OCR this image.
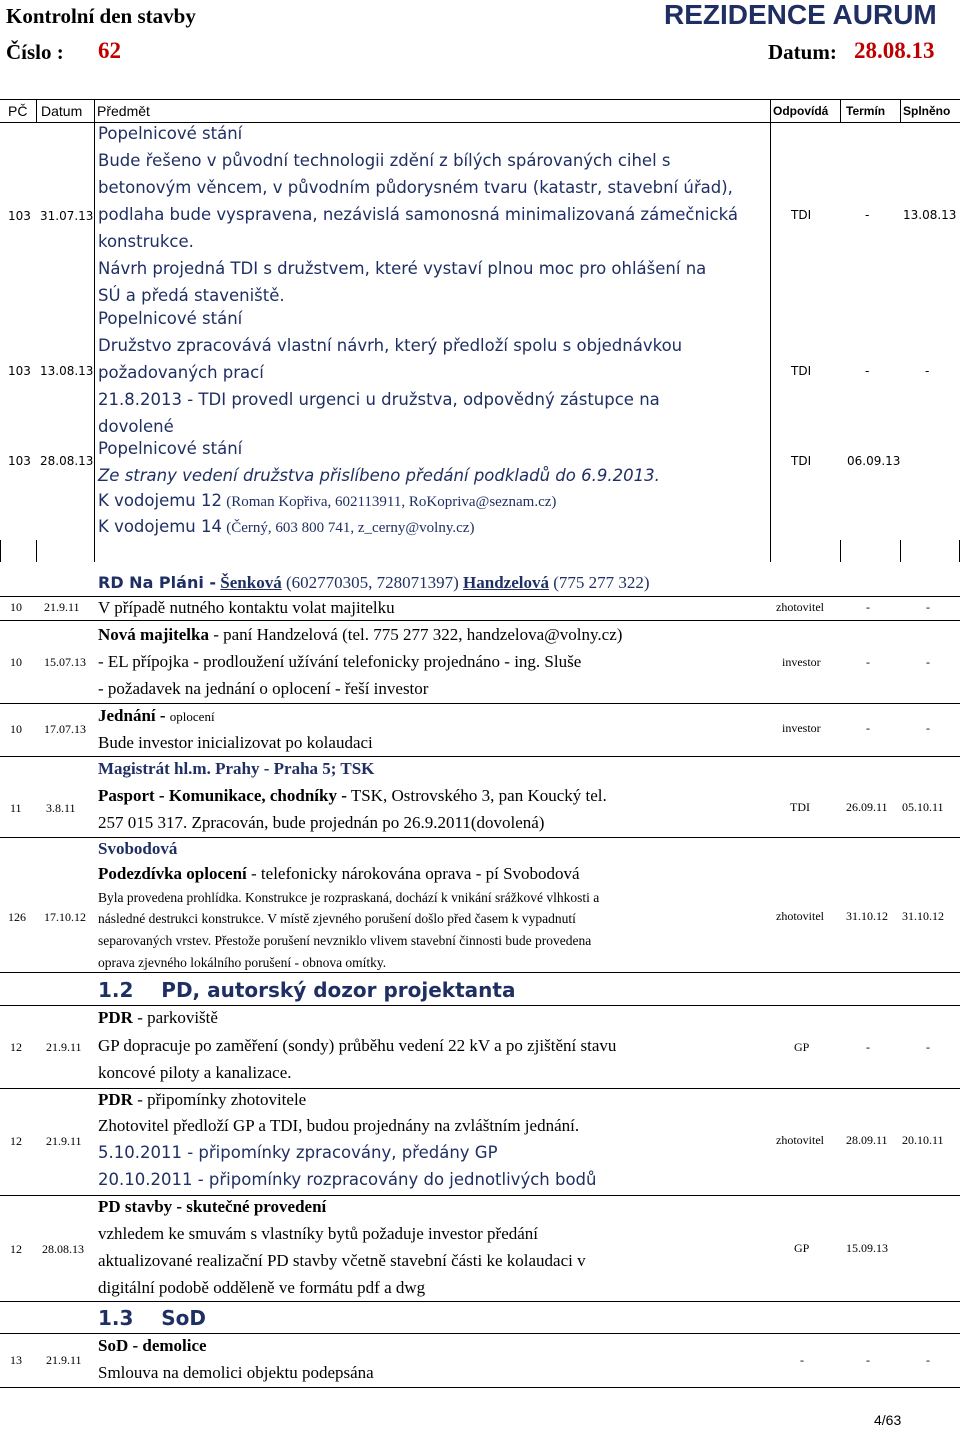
Kontrolní den stavby	REZIDENCE AURUM
Číslo : 62	Datum: 28.08.13
PČ Datum Předmět	Odpovídá Termín Splněno
103 31.07.13
Popelnicové stání
Bude řešeno v původní technologii zdění z bílých spárovaných cihel s
betonovým věncem, v původním půdorysném tvaru (katastr, stavební úřad),
podlaha bude vyspravena, nezávislá samonosná minimalizovaná zámečnická
konstrukce.
Návrh projedná TDI s družstvem, které vystaví plnou moc pro ohlášení na
SÚ a předá staveniště.
TDI	-	13.08.13
103 13.08.13
Popelnicové stání
Družstvo zpracovává vlastní návrh, který předloží spolu s objednávkou
požadovaných prací
21.8.2013 - TDI provedl urgenci u družstva, odpovědný zástupce na
dovolené
TDI	-	-
103 28.08.13
Popelnicové stání
Ze strany vedení družstva přislíbeno předání podkladů do 6.9.2013.
TDI	06.09.13
K vodojemu 12 (Roman Kopřiva, 602113911, RoKopriva@seznam.cz)
K vodojemu 14 (Černý, 603 800 741, z_cerny@volny.cz)
RD Na Pláni - Šenková (602770305, 728071397) Handzelová (775 277 322)
10 21.9.11 V případě nutného kontaktu volat majitelku	zhotovitel	-	-
10 15.07.13
Nová majitelka - paní Handzelová (tel. 775 277 322, handzelova@volny.cz)
- EL přípojka - prodloužení užívání telefonicky projednáno - ing. Sluše
- požadavek na jednání o oplocení - řeší investor
investor	-	-
10 17.07.13
Jednání - oplocení
Bude investor inicializovat po kolaudaci
investor	-	-
11 3.8.11
Magistrát hl.m. Prahy - Praha 5; TSK
Pasport - Komunikace, chodníky - TSK, Ostrovského 3, pan Koucký tel.
257 015 317. Zpracován, bude projednán po 26.9.2011(dovolená)
TDI	26.09.11 05.10.11
126 17.10.12
Svobodová
Podezdívka oplocení - telefonicky nárokována oprava - pí Svobodová
Byla provedena prohlídka. Konstrukce je rozpraskaná, dochází k vnikání srážkové vlhkosti a
následné destrukci konstrukce. V místě zjevného porušení došlo před časem k vypadnutí
separovaných vrstev. Přestože porušení nevzniklo vlivem stavební činnosti bude provedena
oprava zjevného lokálního porušení - obnova omítky.
zhotovitel 31.10.12 31.10.12
1.2    PD, autorský dozor projektanta
12 21.9.11
PDR - parkoviště
GP dopracuje po zaměření (sondy) průběhu vedení 22 kV a po zjištění stavu
koncové piloty a kanalizace.
GP	-	-
12 21.9.11
PDR - připomínky zhotovitele
Zhotovitel předloží GP a TDI, budou projednány na zvláštním jednání.
5.10.2011 - připomínky zpracovány, předány GP
20.10.2011 - připomínky rozpracovány do jednotlivých bodů
zhotovitel 28.09.11 20.10.11
12 28.08.13
PD stavby - skutečné provedení
vzhledem ke smuvám s vlastníky bytů požaduje investor předání
aktualizované realizační PD stavby včetně stavební části ke kolaudaci v
digitální podobě odděleně ve formátu pdf a dwg
GP	15.09.13
1.3    SoD
13 21.9.11
SoD - demolice
Smlouva na demolici objektu podepsána
-	-	-
4/63
